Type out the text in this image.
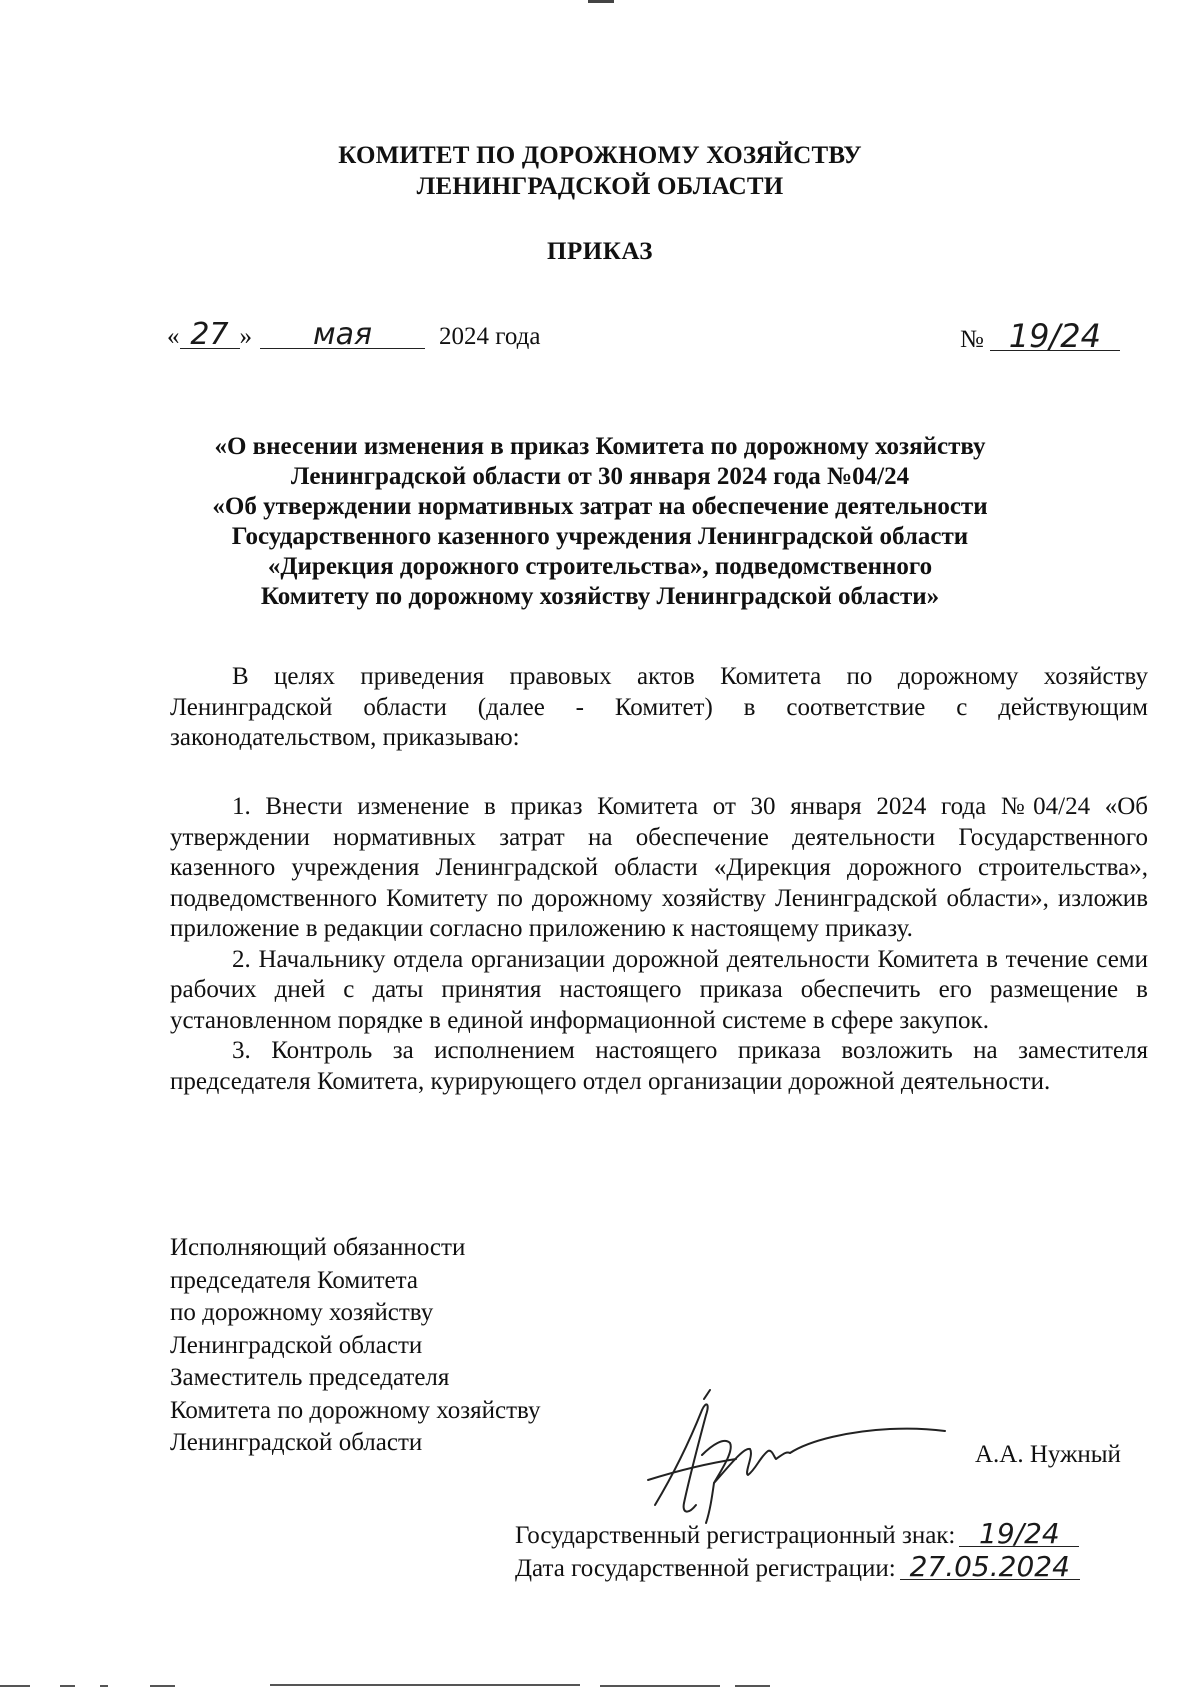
КОМИТЕТ ПО ДОРОЖНОМУ ХОЗЯЙСТВУ
ЛЕНИНГРАДСКОЙ ОБЛАСТИ
ПРИКАЗ
« 27 » мая	2024 года	№ 19/24
«О внесении изменения в приказ Комитета по дорожному хозяйству
Ленинградской области от 30 января 2024 года №04/24
«Об утверждении нормативных затрат на обеспечение деятельности
Государственного казенного учреждения Ленинградской области
«Дирекция дорожного строительства», подведомственного
Комитету по дорожному хозяйству Ленинградской области»

В целях приведения правовых актов Комитета по дорожному хозяйству Ленинградской области (далее - Комитет) в соответствие с действующим законодательством, приказываю:

1. Внести изменение в приказ Комитета от 30 января 2024 года №04/24 «Об утверждении нормативных затрат на обеспечение деятельности Государственного казенного учреждения Ленинградской области «Дирекция дорожного строительства», подведомственного Комитету по дорожному хозяйству Ленинградской области», изложив приложение в редакции согласно приложению к настоящему приказу.

2. Начальнику отдела организации дорожной деятельности Комитета в течение семи рабочих дней с даты принятия настоящего приказа обеспечить его размещение в установленном порядке в единой информационной системе в сфере закупок.

3. Контроль за исполнением настоящего приказа возложить на заместителя председателя Комитета, курирующего отдел организации дорожной деятельности.

Исполняющий обязанности
председателя Комитета
по дорожному хозяйству
Ленинградской области
Заместитель председателя
Комитета по дорожному хозяйству
Ленинградской области	А.А. Нужный
Государственный регистрационный знак: 19/24
Дата государственной регистрации: 27.05.2024
